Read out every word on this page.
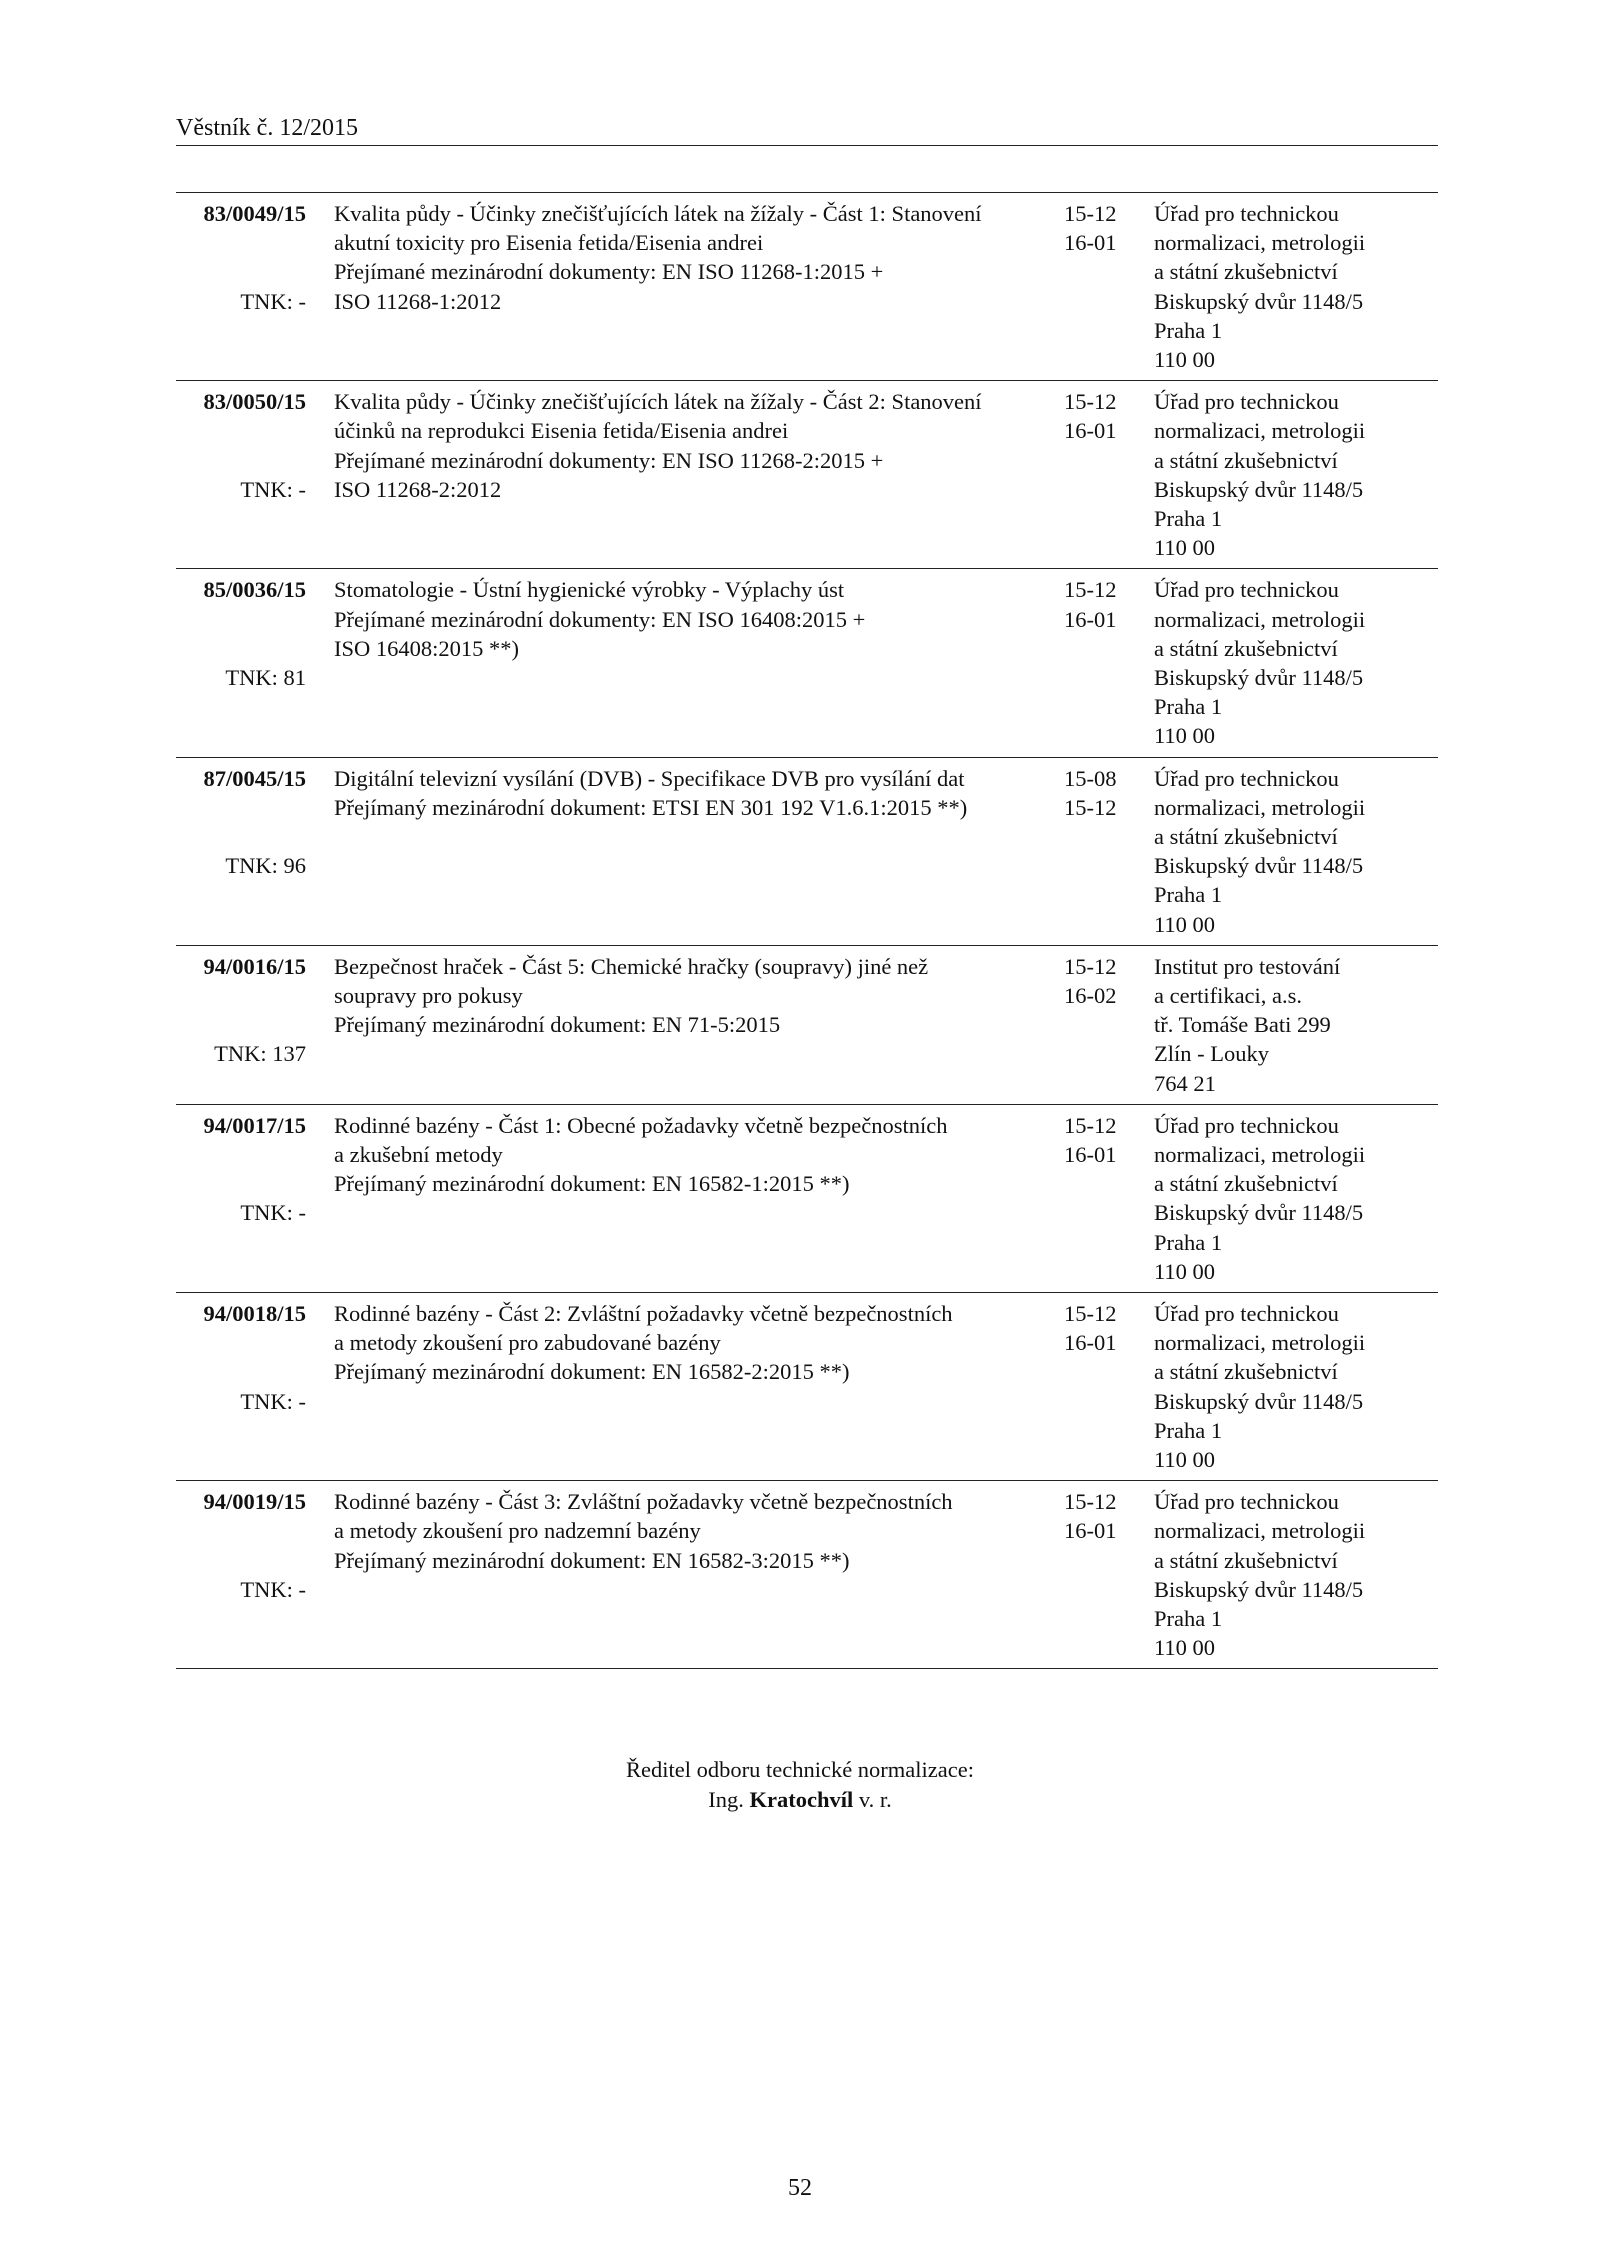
Věstník č. 12/2015
83/0049/15
TNK: -
Kvalita půdy - Účinky znečišťujících látek na žížaly - Část 1: Stanovení
akutní toxicity pro Eisenia fetida/Eisenia andrei
Přejímané mezinárodní dokumenty: EN ISO 11268-1:2015 +
ISO 11268-1:2012
15-12
16-01
Úřad pro technickou
normalizaci, metrologii
a státní zkušebnictví
Biskupský dvůr 1148/5
Praha 1
110 00
83/0050/15
TNK: -
Kvalita půdy - Účinky znečišťujících látek na žížaly - Část 2: Stanovení
účinků na reprodukci Eisenia fetida/Eisenia andrei
Přejímané mezinárodní dokumenty: EN ISO 11268-2:2015 +
ISO 11268-2:2012
15-12
16-01
Úřad pro technickou
normalizaci, metrologii
a státní zkušebnictví
Biskupský dvůr 1148/5
Praha 1
110 00
85/0036/15
TNK: 81
Stomatologie - Ústní hygienické výrobky - Výplachy úst
Přejímané mezinárodní dokumenty: EN ISO 16408:2015 +
ISO 16408:2015 **)
15-12
16-01
Úřad pro technickou
normalizaci, metrologii
a státní zkušebnictví
Biskupský dvůr 1148/5
Praha 1
110 00
87/0045/15
TNK: 96
Digitální televizní vysílání (DVB) - Specifikace DVB pro vysílání dat
Přejímaný mezinárodní dokument: ETSI EN 301 192 V1.6.1:2015 **)
15-08
15-12
Úřad pro technickou
normalizaci, metrologii
a státní zkušebnictví
Biskupský dvůr 1148/5
Praha 1
110 00
94/0016/15
TNK: 137
Bezpečnost hraček - Část 5: Chemické hračky (soupravy) jiné než
soupravy pro pokusy
Přejímaný mezinárodní dokument: EN 71-5:2015
15-12
16-02
Institut pro testování
a certifikaci, a.s.
tř. Tomáše Bati 299
Zlín - Louky
764 21
94/0017/15
TNK: -
Rodinné bazény - Část 1: Obecné požadavky včetně bezpečnostních
a zkušební metody
Přejímaný mezinárodní dokument: EN 16582-1:2015 **)
15-12
16-01
Úřad pro technickou
normalizaci, metrologii
a státní zkušebnictví
Biskupský dvůr 1148/5
Praha 1
110 00
94/0018/15
TNK: -
Rodinné bazény - Část 2: Zvláštní požadavky včetně bezpečnostních
a metody zkoušení pro zabudované bazény
Přejímaný mezinárodní dokument: EN 16582-2:2015 **)
15-12
16-01
Úřad pro technickou
normalizaci, metrologii
a státní zkušebnictví
Biskupský dvůr 1148/5
Praha 1
110 00
94/0019/15
TNK: -
Rodinné bazény - Část 3: Zvláštní požadavky včetně bezpečnostních
a metody zkoušení pro nadzemní bazény
Přejímaný mezinárodní dokument: EN 16582-3:2015 **)
15-12
16-01
Úřad pro technickou
normalizaci, metrologii
a státní zkušebnictví
Biskupský dvůr 1148/5
Praha 1
110 00
Ředitel odboru technické normalizace:
Ing. Kratochvíl v. r.
52
